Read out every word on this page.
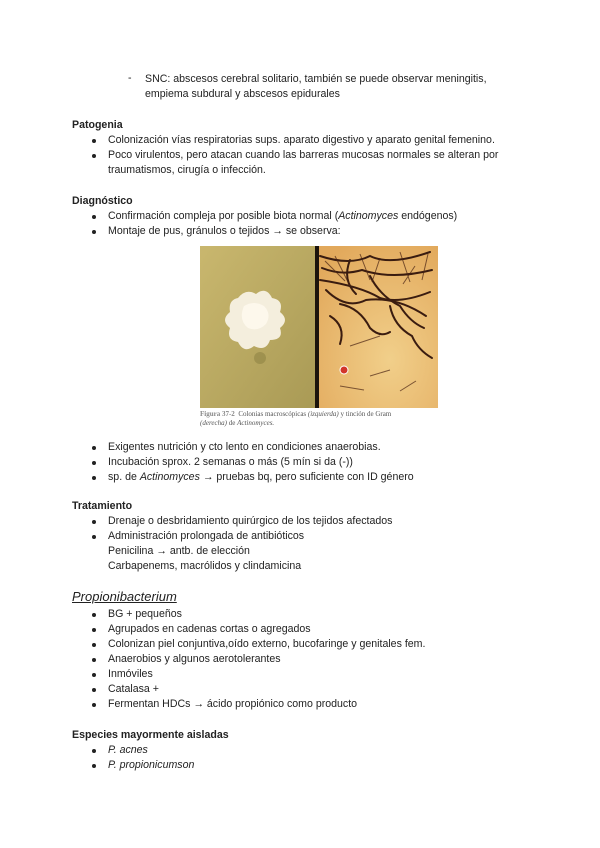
- SNC: abscesos cerebral solitario, también se puede observar meningitis,
empiema subdural y abscesos epidurales
Patogenia
Colonización vías respiratorias sups. aparato digestivo y aparato genital femenino.
Poco virulentos, pero atacan cuando las barreras mucosas normales se alteran por
traumatismos, cirugía o infección.
Diagnóstico
Confirmación compleja por posible biota normal (Actinomyces endógenos)
Montaje de pus, gránulos o tejidos → se observa:
Figura 37-2 Colonias macroscópicas (izquierda) y tinción de Gram
(derecha) de Actinomyces.
Exigentes nutrición y cto lento en condiciones anaerobias.
Incubación sprox. 2 semanas o más (5 mín si da (-))
sp. de Actinomyces → pruebas bq, pero suficiente con ID género
Tratamiento
Drenaje o desbridamiento quirúrgico de los tejidos afectados
Administración prolongada de antibióticos
Penicilina → antb. de elección
Carbapenems, macrólidos y clindamicina
Propionibacterium
BG + pequeños
Agrupados en cadenas cortas o agregados
Colonizan piel conjuntiva,oído externo, bucofaringe y genitales fem.
Anaerobios y algunos aerotolerantes
Inmóviles
Catalasa +
Fermentan HDCs → ácido propiónico como producto
Especies mayormente aisladas
P. acnes
P. propionicumson
